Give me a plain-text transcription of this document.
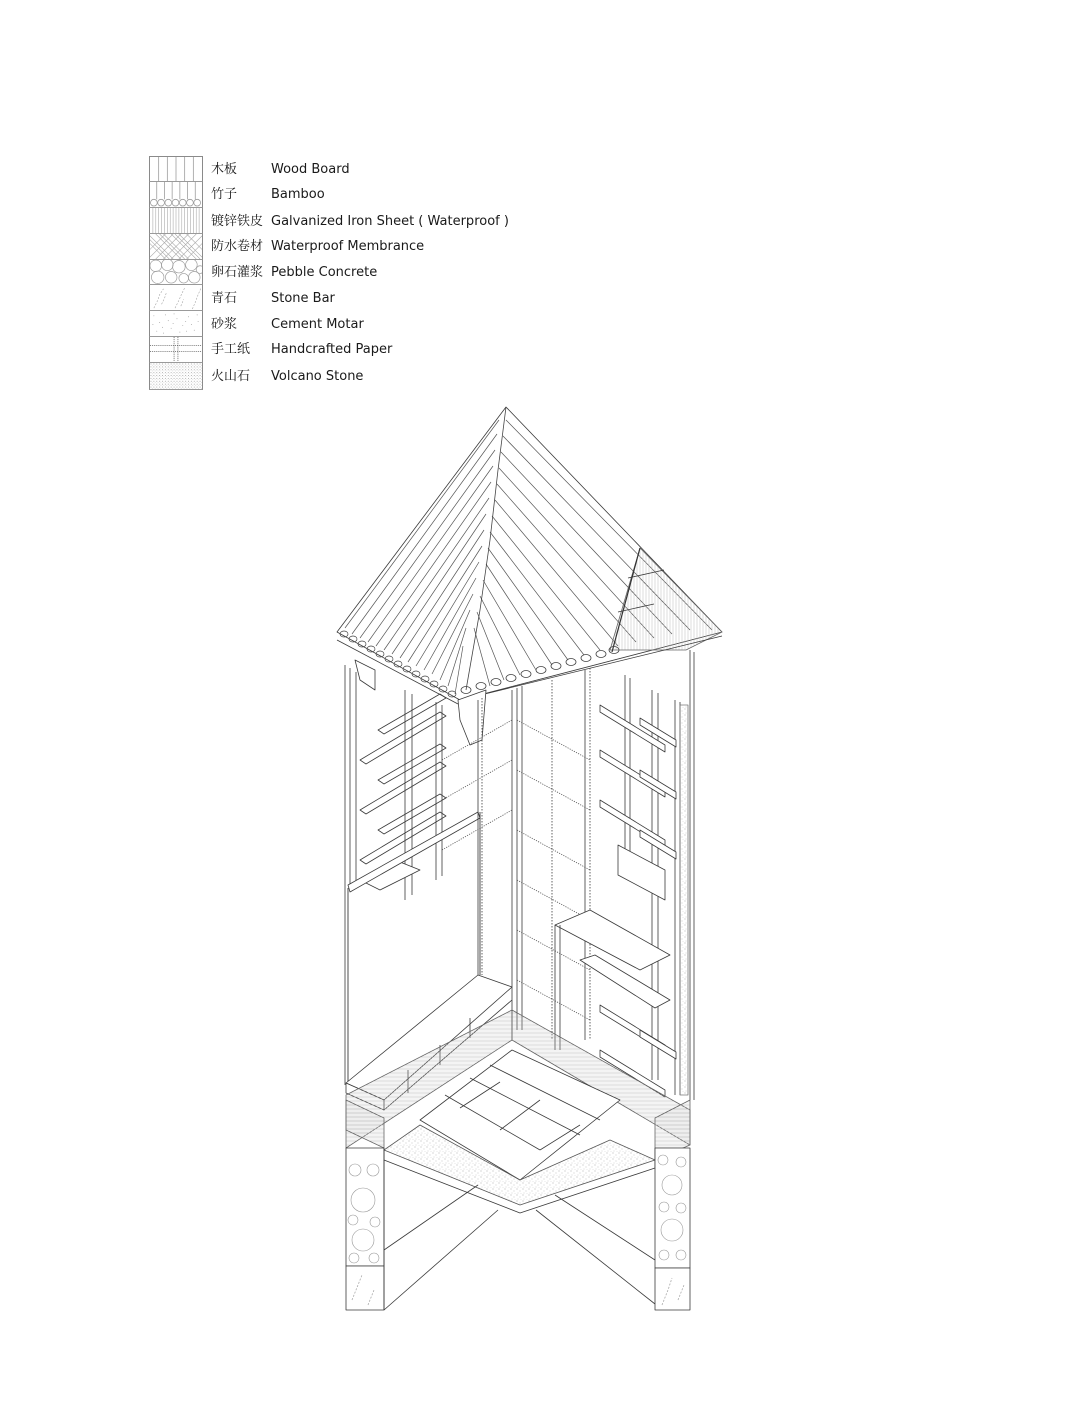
木板	Wood Board
竹子	Bamboo
镀锌铁皮 Galvanized Iron Sheet ( Waterproof )
防水卷材 Waterproof Membrance
卵石灌浆 Pebble Concrete
青石	Stone Bar
砂浆	Cement Motar
手工纸 Handcrafted Paper
火山石 Volcano Stone
